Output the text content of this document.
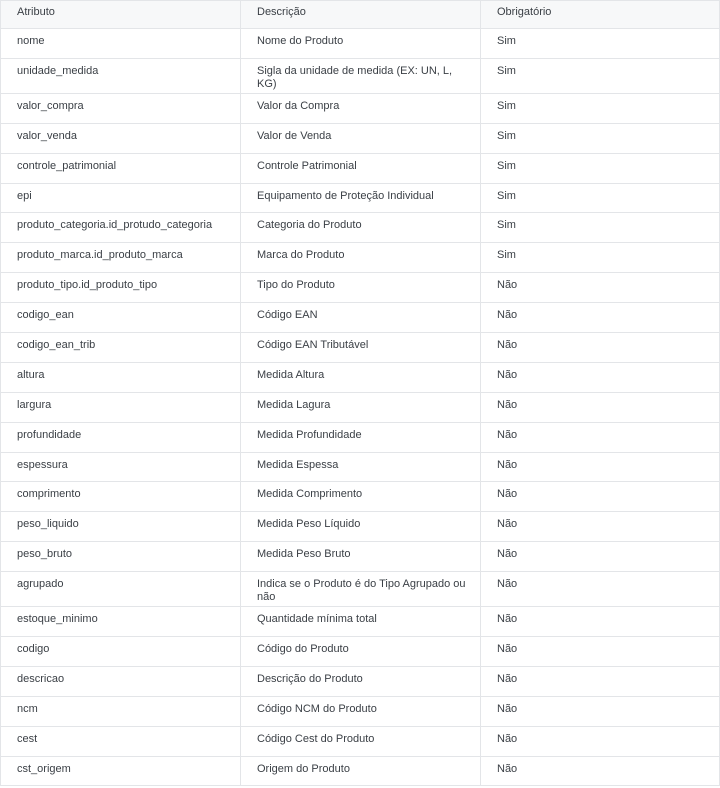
Atributo	Descrição	Obrigatório
nome	Nome do Produto	Sim
unidade_medida	Sigla da unidade de medida (EX: UN, L, KG)	Sim
valor_compra	Valor da Compra	Sim
valor_venda	Valor de Venda	Sim
controle_patrimonial	Controle Patrimonial	Sim
epi	Equipamento de Proteção Individual	Sim
produto_categoria.id_protudo_categoria	Categoria do Produto	Sim
produto_marca.id_produto_marca	Marca do Produto	Sim
produto_tipo.id_produto_tipo	Tipo do Produto	Não
codigo_ean	Código EAN	Não
codigo_ean_trib	Código EAN Tributável	Não
altura	Medida Altura	Não
largura	Medida Lagura	Não
profundidade	Medida Profundidade	Não
espessura	Medida Espessa	Não
comprimento	Medida Comprimento	Não
peso_liquido	Medida Peso Líquido	Não
peso_bruto	Medida Peso Bruto	Não
agrupado	Indica se o Produto é do Tipo Agrupado ou não	Não
estoque_minimo	Quantidade mínima total	Não
codigo	Código do Produto	Não
descricao	Descrição do Produto	Não
ncm	Código NCM do Produto	Não
cest	Código Cest do Produto	Não
cst_origem	Origem do Produto	Não
